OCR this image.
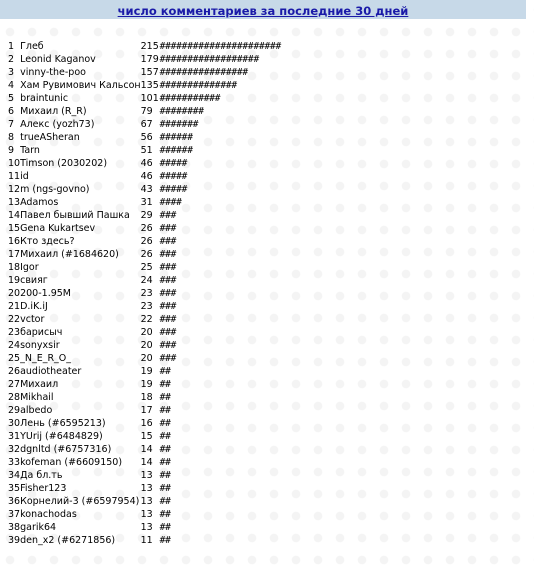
число комментариев за последние 30 дней
1	Глеб	215	######################
2	Leonid Kaganov	179	##################
3	vinny-the-poo	157	################
4	Хам Рувимович Кальсон	135	##############
5	braintunic	101	###########
6	Михаил (R_R)	79	########
7	Алекс (yozh73)	67	#######
8	trueASheran	56	######
9	Tarn	51	######
10	Timson (2030202)	46	#####
11	id	46	#####
12	m (ngs-govno)	43	#####
13	Adamos	31	####
14	Павел бывший Пашка	29	###
15	Gena Kukartsev	26	###
16	Кто здесь?	26	###
17	Михаил (#1684620)	26	###
18	Igor	25	###
19	свияг	24	###
20	200-1.95M	23	###
21	D.iK.iJ	23	###
22	vctor	22	###
23	барисыч	20	###
24	sonyxsir	20	###
25	_N_E_R_O_	20	###
26	audiotheater	19	##
27	Михаил	19	##
28	Mikhail	18	##
29	albedo	17	##
30	Лень (#6595213)	16	##
31	YUrij (#6484829)	15	##
32	dgnltd (#6757316)	14	##
33	kofeman (#6609150)	14	##
34	Да бл.ть	13	##
35	Fisher123	13	##
36	Корнелий-3 (#6597954)	13	##
37	konachodas	13	##
38	garik64	13	##
39	den_x2 (#6271856)	11	##
